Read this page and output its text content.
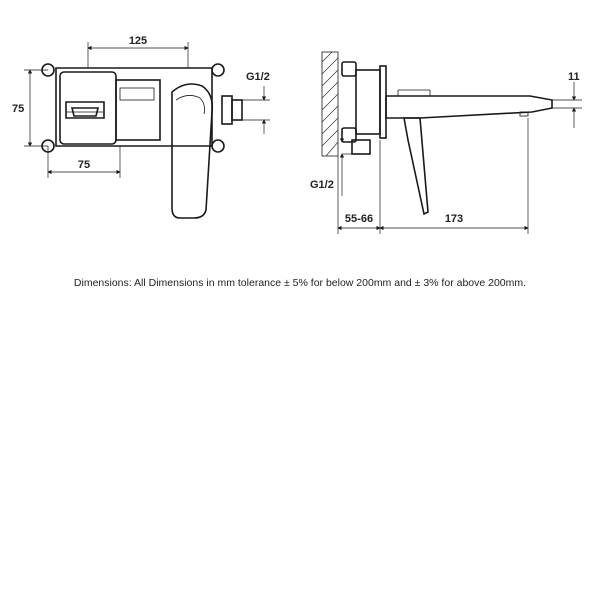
125
75
75
G1/2	11
G1/2
55-66	173
Dimensions: All Dimensions in mm tolerance ± 5% for below 200mm and ± 3% for above 200mm.
